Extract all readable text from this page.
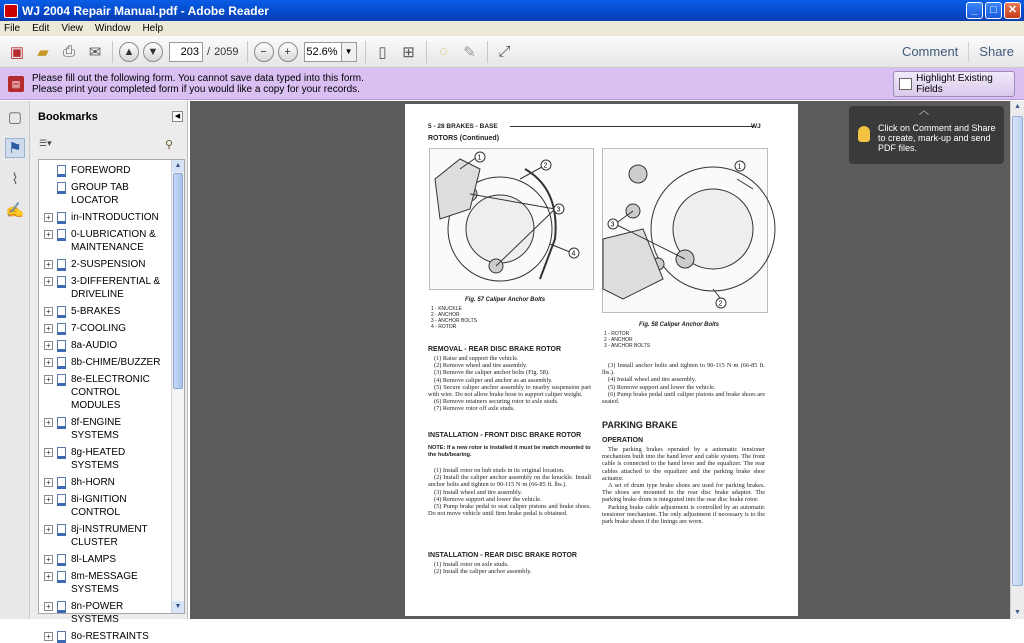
WJ 2004 Repair Manual.pdf - Adobe Reader	_	□	✕
File Edit View Window Help
▣ ▰ ⎙ ✉	▲	▼	203 / 2059	−	+	52.6% ▼	▯	⊞	◌	✎	⤢	Comment	Share
▤	Please fill out the following form. You cannot save data typed into this form.
Please print your completed form if you would like a copy for your records.
Highlight Existing Fields
▢
⚑
⌇
✍
Bookmarks	◀
☰▾	⚲
FOREWORD
GROUP TAB LOCATOR
+ in-INTRODUCTION
+ 0-LUBRICATION & MAINTENANCE
+ 2-SUSPENSION
+ 3-DIFFERENTIAL & DRIVELINE
+ 5-BRAKES
+ 7-COOLING
+ 8a-AUDIO
+ 8b-CHIME/BUZZER
+ 8e-ELECTRONIC CONTROL MODULES
+ 8f-ENGINE SYSTEMS
+ 8g-HEATED SYSTEMS
+ 8h-HORN
+ 8i-IGNITION CONTROL
+ 8j-INSTRUMENT CLUSTER
+ 8l-LAMPS
+ 8m-MESSAGE SYSTEMS
+ 8n-POWER SYSTEMS
+ 8o-RESTRAINTS
▲
▼
5 - 28 BRAKES - BASE	WJ
ROTORS (Continued)
1
2
3
4
Fig. 57 Caliper Anchor Bolts
1 - KNUCKLE
2 - ANCHOR
3 - ANCHOR BOLTS
4 - ROTOR
1
2
3
Fig. 58 Caliper Anchor Bolts
1 - ROTOR
2 - ANCHOR
3 - ANCHOR BOLTS
REMOVAL - REAR DISC BRAKE ROTOR
(1) Raise and support the vehicle.
(2) Remove wheel and tire assembly.
(3) Remove the caliper anchor bolts (Fig. 58).
(4) Remove caliper and anchor as an assembly.
(5) Secure caliper anchor assembly to nearby suspension part with wire. Do not allow brake hose to support caliper weight.
(6) Remove retainers securing rotor to axle studs.
(7) Remove rotor off axle studs.
INSTALLATION - FRONT DISC BRAKE ROTOR
NOTE: If a new rotor is installed it must be match mounted to the hub/bearing.
(1) Install rotor on hub studs in its original location.
(2) Install the caliper anchor assembly on the knuckle. Install anchor bolts and tighten to 90-115 N·m (66-85 ft. lbs.).
(3) Install wheel and tire assembly.
(4) Remove support and lower the vehicle.
(5) Pump brake pedal to seat caliper pistons and brake shoes. Do not move vehicle until firm brake pedal is obtained.
INSTALLATION - REAR DISC BRAKE ROTOR
(1) Install rotor on axle studs.
(2) Install the caliper anchor assembly.
(3) Install anchor bolts and tighten to 90-115 N·m (66-85 ft. lbs.).
(4) Install wheel and tire assembly.
(5) Remove support and lower the vehicle.
(6) Pump brake pedal until caliper pistons and brake shoes are seated.
PARKING BRAKE
OPERATION
The parking brakes operated by a automatic tensioner mechanism built into the hand lever and cable system. The front cable is connected to the hand lever and the equalizer. The rear cables attached to the equalizer and the parking brake shoe actuator.
A set of drum type brake shoes are used for parking brakes. The shoes are mounted to the rear disc brake adaptor. The parking brake drum is integrated into the rear disc brake rotor.
Parking brake cable adjustment is controlled by an automatic tensioner mechanism. The only adjustment if necessary is to the park brake shoes if the linings are worn.
▲
▼
︿
Click on Comment and Share to create, mark-up and send PDF files.
